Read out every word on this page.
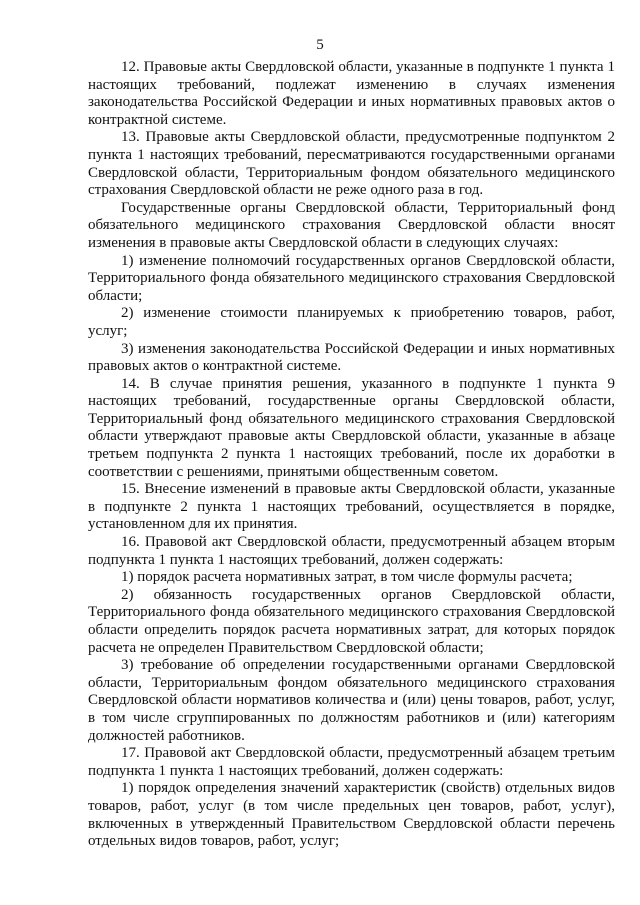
5

12. Правовые акты Свердловской области, указанные в подпункте 1 пункта 1 настоящих требований, подлежат изменению в случаях изменения законодательства Российской Федерации и иных нормативных правовых актов о контрактной системе.

13. Правовые акты Свердловской области, предусмотренные подпунктом 2 пункта 1 настоящих требований, пересматриваются государственными органами Свердловской области, Территориальным фондом обязательного медицинского страхования Свердловской области не реже одного раза в год.

Государственные органы Свердловской области, Территориальный фонд обязательного медицинского страхования Свердловской области вносят изменения в правовые акты Свердловской области в следующих случаях:

1) изменение полномочий государственных органов Свердловской области, Территориального фонда обязательного медицинского страхования Свердловской области;

2) изменение стоимости планируемых к приобретению товаров, работ, услуг;

3) изменения законодательства Российской Федерации и иных нормативных правовых актов о контрактной системе.

14. В случае принятия решения, указанного в подпункте 1 пункта 9 настоящих требований, государственные органы Свердловской области, Территориальный фонд обязательного медицинского страхования Свердловской области утверждают правовые акты Свердловской области, указанные в абзаце третьем подпункта 2 пункта 1 настоящих требований, после их доработки в соответствии с решениями, принятыми общественным советом.

15. Внесение изменений в правовые акты Свердловской области, указанные в подпункте 2 пункта 1 настоящих требований, осуществляется в порядке, установленном для их принятия.

16. Правовой акт Свердловской области, предусмотренный абзацем вторым подпункта 1 пункта 1 настоящих требований, должен содержать:

1) порядок расчета нормативных затрат, в том числе формулы расчета;

2) обязанность государственных органов Свердловской области, Территориального фонда обязательного медицинского страхования Свердловской области определить порядок расчета нормативных затрат, для которых порядок расчета не определен Правительством Свердловской области;

3) требование об определении государственными органами Свердловской области, Территориальным фондом обязательного медицинского страхования Свердловской области нормативов количества и (или) цены товаров, работ, услуг, в том числе сгруппированных по должностям работников и (или) категориям должностей работников.

17. Правовой акт Свердловской области, предусмотренный абзацем третьим подпункта 1 пункта 1 настоящих требований, должен содержать:

1) порядок определения значений характеристик (свойств) отдельных видов товаров, работ, услуг (в том числе предельных цен товаров, работ, услуг), включенных в утвержденный Правительством Свердловской области перечень отдельных видов товаров, работ, услуг;
